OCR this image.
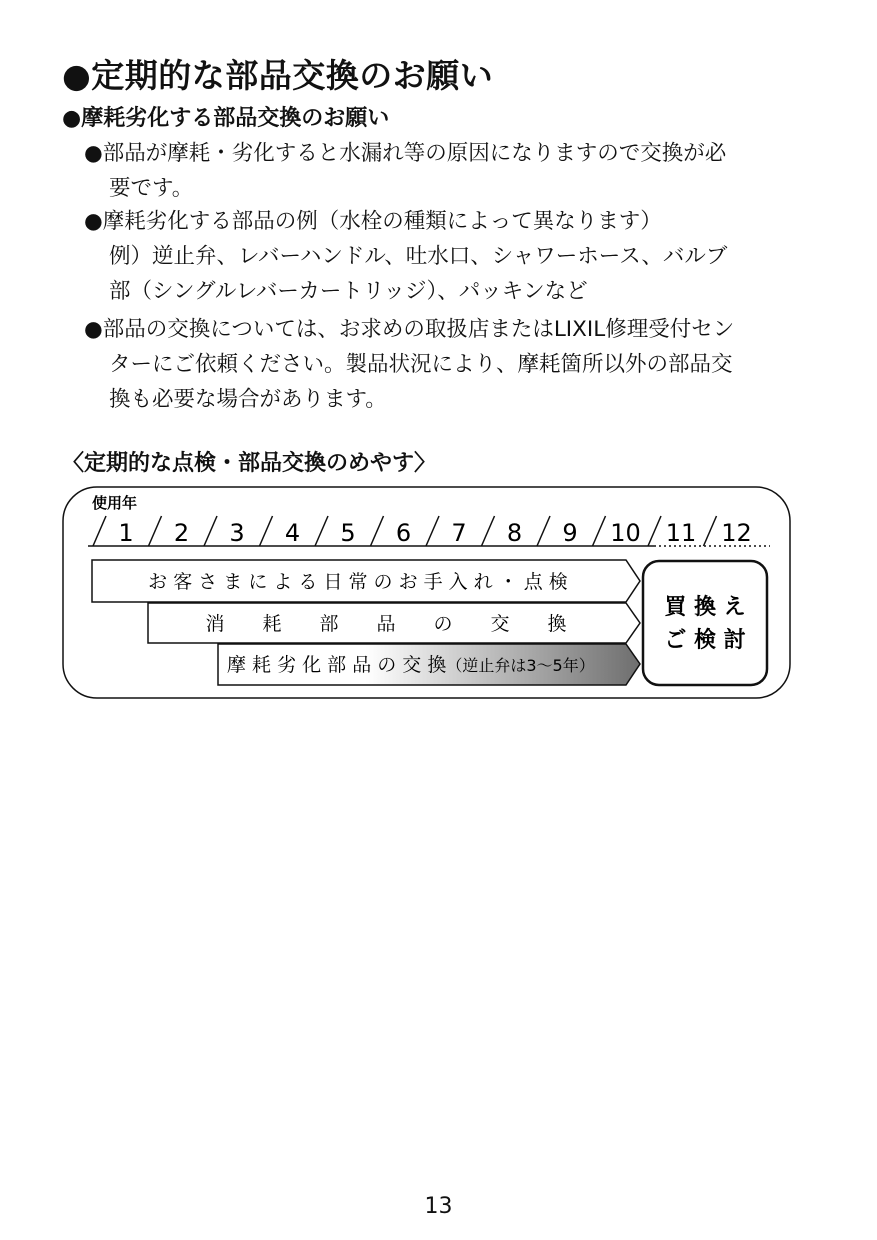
●定期的な部品交換のお願い
●摩耗劣化する部品交換のお願い
●部品が摩耗・劣化すると水漏れ等の原因になりますので交換が必
要です。
●摩耗劣化する部品の例（水栓の種類によって異なります）
例）逆止弁、レバーハンドル、吐水口、シャワーホース、バルブ
部（シングルレバーカートリッジ）、パッキンなど
●部品の交換については、お求めの取扱店またはLIXIL修理受付セン
ターにご依頼ください。製品状況により、摩耗箇所以外の部品交
換も必要な場合があります。
〈定期的な点検・部品交換のめやす〉
使用年
1 2 3 4 5 6 7 8 9 10 11 12
お 客 さ ま に よ る 日 常 の お 手 入 れ ・ 点 検
消　　耗　　部　　品　　の　　交　　換
摩 耗 劣 化 部 品 の 交 換（逆止弁は3〜5年）
買 換 え
ご 検 討
13
